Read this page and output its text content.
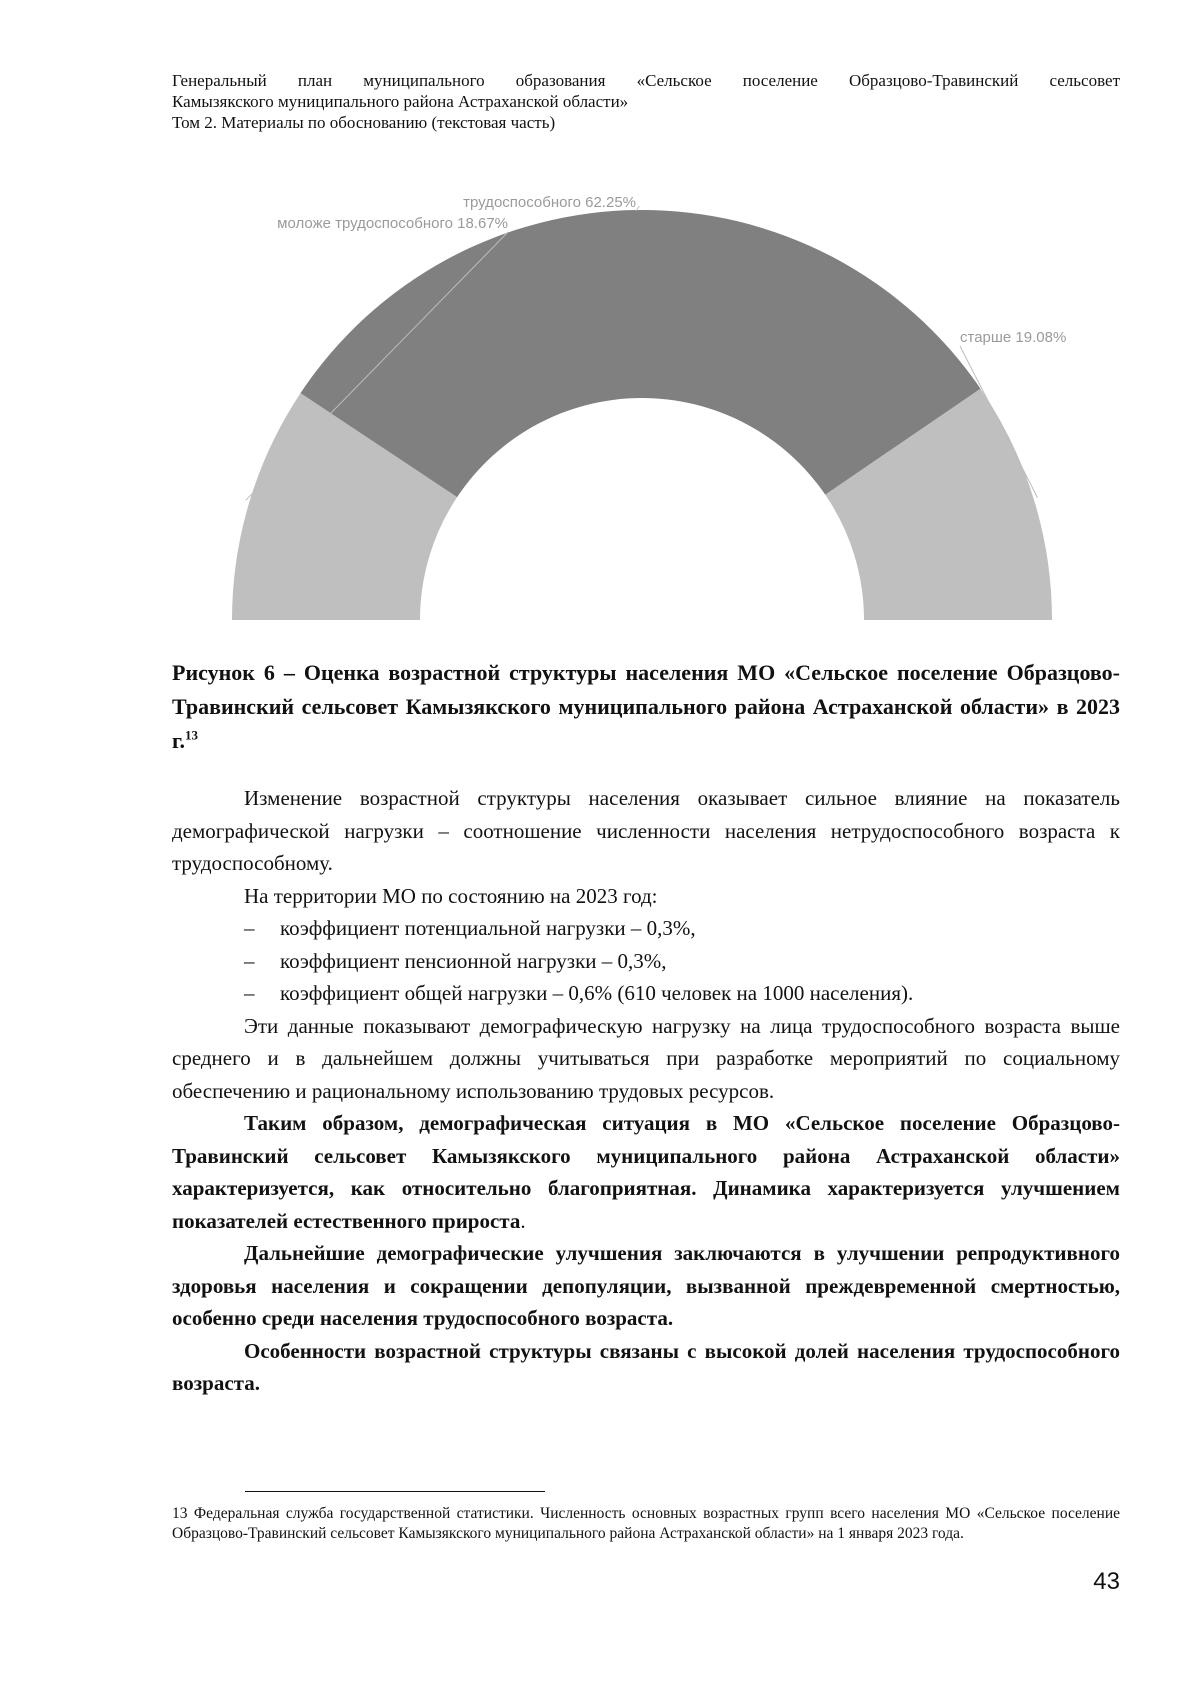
Генеральный план муниципального образования «Сельское поселение Образцово-Травинский сельсовет
Камызякского муниципального района Астраханской области»
Том 2. Материалы по обоснованию (текстовая часть)
моложе трудоспособного 18.67%
трудоспособного 62.25%
старше 19.08%
Рисунок 6 – Оценка возрастной структуры населения МО «Сельское поселение Образцово-Травинский сельсовет Камызякского муниципального района Астраханской области» в 2023 г.$^{13}$

Изменение возрастной структуры населения оказывает сильное влияние на показатель демографической нагрузки – соотношение численности населения нетрудоспособного возраста к трудоспособному.

На территории МО по состоянию на 2023 год:

– коэффициент потенциальной нагрузки – 0,3%,
– коэффициент пенсионной нагрузки – 0,3%,
– коэффициент общей нагрузки – 0,6% (610 человек на 1000 населения).

Эти данные показывают демографическую нагрузку на лица трудоспособного возраста выше среднего и в дальнейшем должны учитываться при разработке мероприятий по социальному обеспечению и рациональному использованию трудовых ресурсов.

Таким образом, демографическая ситуация в МО «Сельское поселение Образцово-Травинский сельсовет Камызякского муниципального района Астраханской области» характеризуется, как относительно благоприятная. Динамика характеризуется улучшением показателей естественного прироста.

Дальнейшие демографические улучшения заключаются в улучшении репродуктивного здоровья населения и сокращении депопуляции, вызванной преждевременной смертностью, особенно среди населения трудоспособного возраста.

Особенности возрастной структуры связаны с высокой долей населения трудоспособного возраста.

13 Федеральная служба государственной статистики. Численность основных возрастных групп всего населения МО «Сельское поселение Образцово-Травинский сельсовет Камызякского муниципального района Астраханской области» на 1 января 2023 года.
43
